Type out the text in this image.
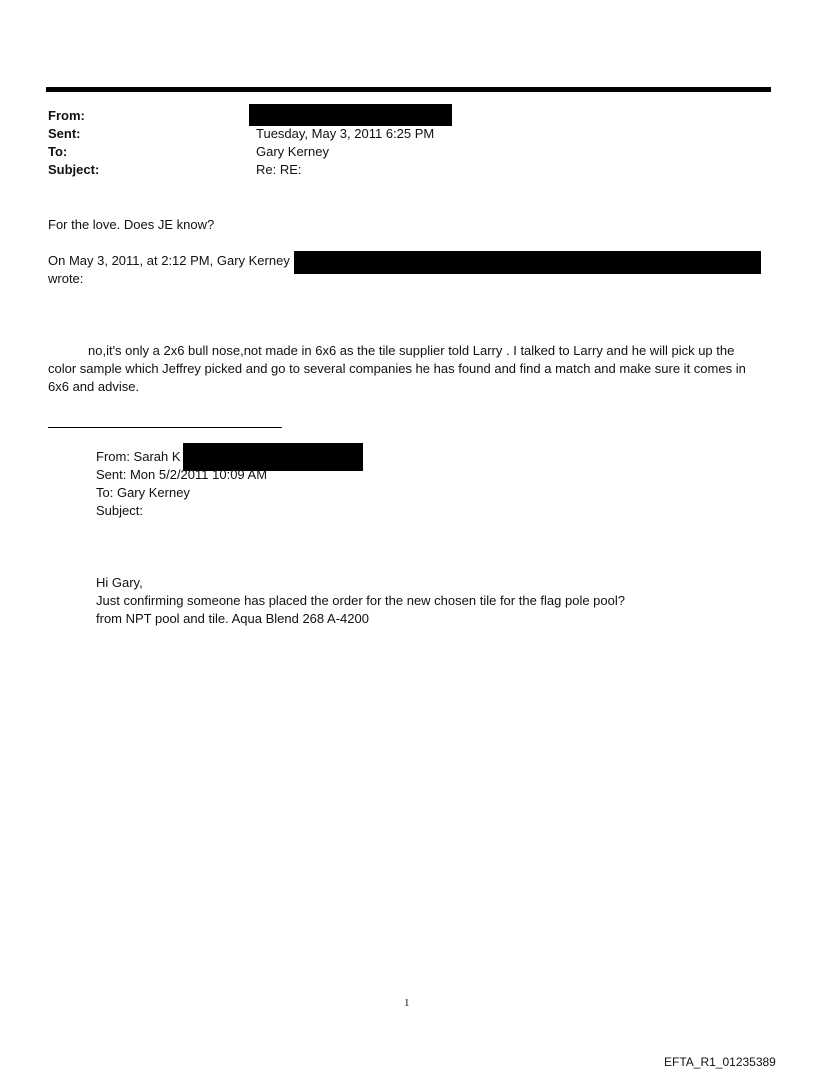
From:
Sent:
To:
Subject:
Tuesday, May 3, 2011 6:25 PM
Gary Kerney
Re: RE:
For the love. Does JE know?
On May 3, 2011, at 2:12 PM, Gary Kerney
wrote:
no,it's only a 2x6 bull nose,not made in 6x6 as the tile supplier told Larry . I talked to Larry and he will pick up the
color sample which Jeffrey picked and go to several companies he has found and find a match and make sure it comes in
6x6 and advise.
From: Sarah K
Sent: Mon 5/2/2011 10:09 AM
To: Gary Kerney
Subject:
Hi Gary,
Just confirming someone has placed the order for the new chosen tile for the flag pole pool?
from NPT pool and tile. Aqua Blend 268 A-4200
1
EFTA_R1_01235389
